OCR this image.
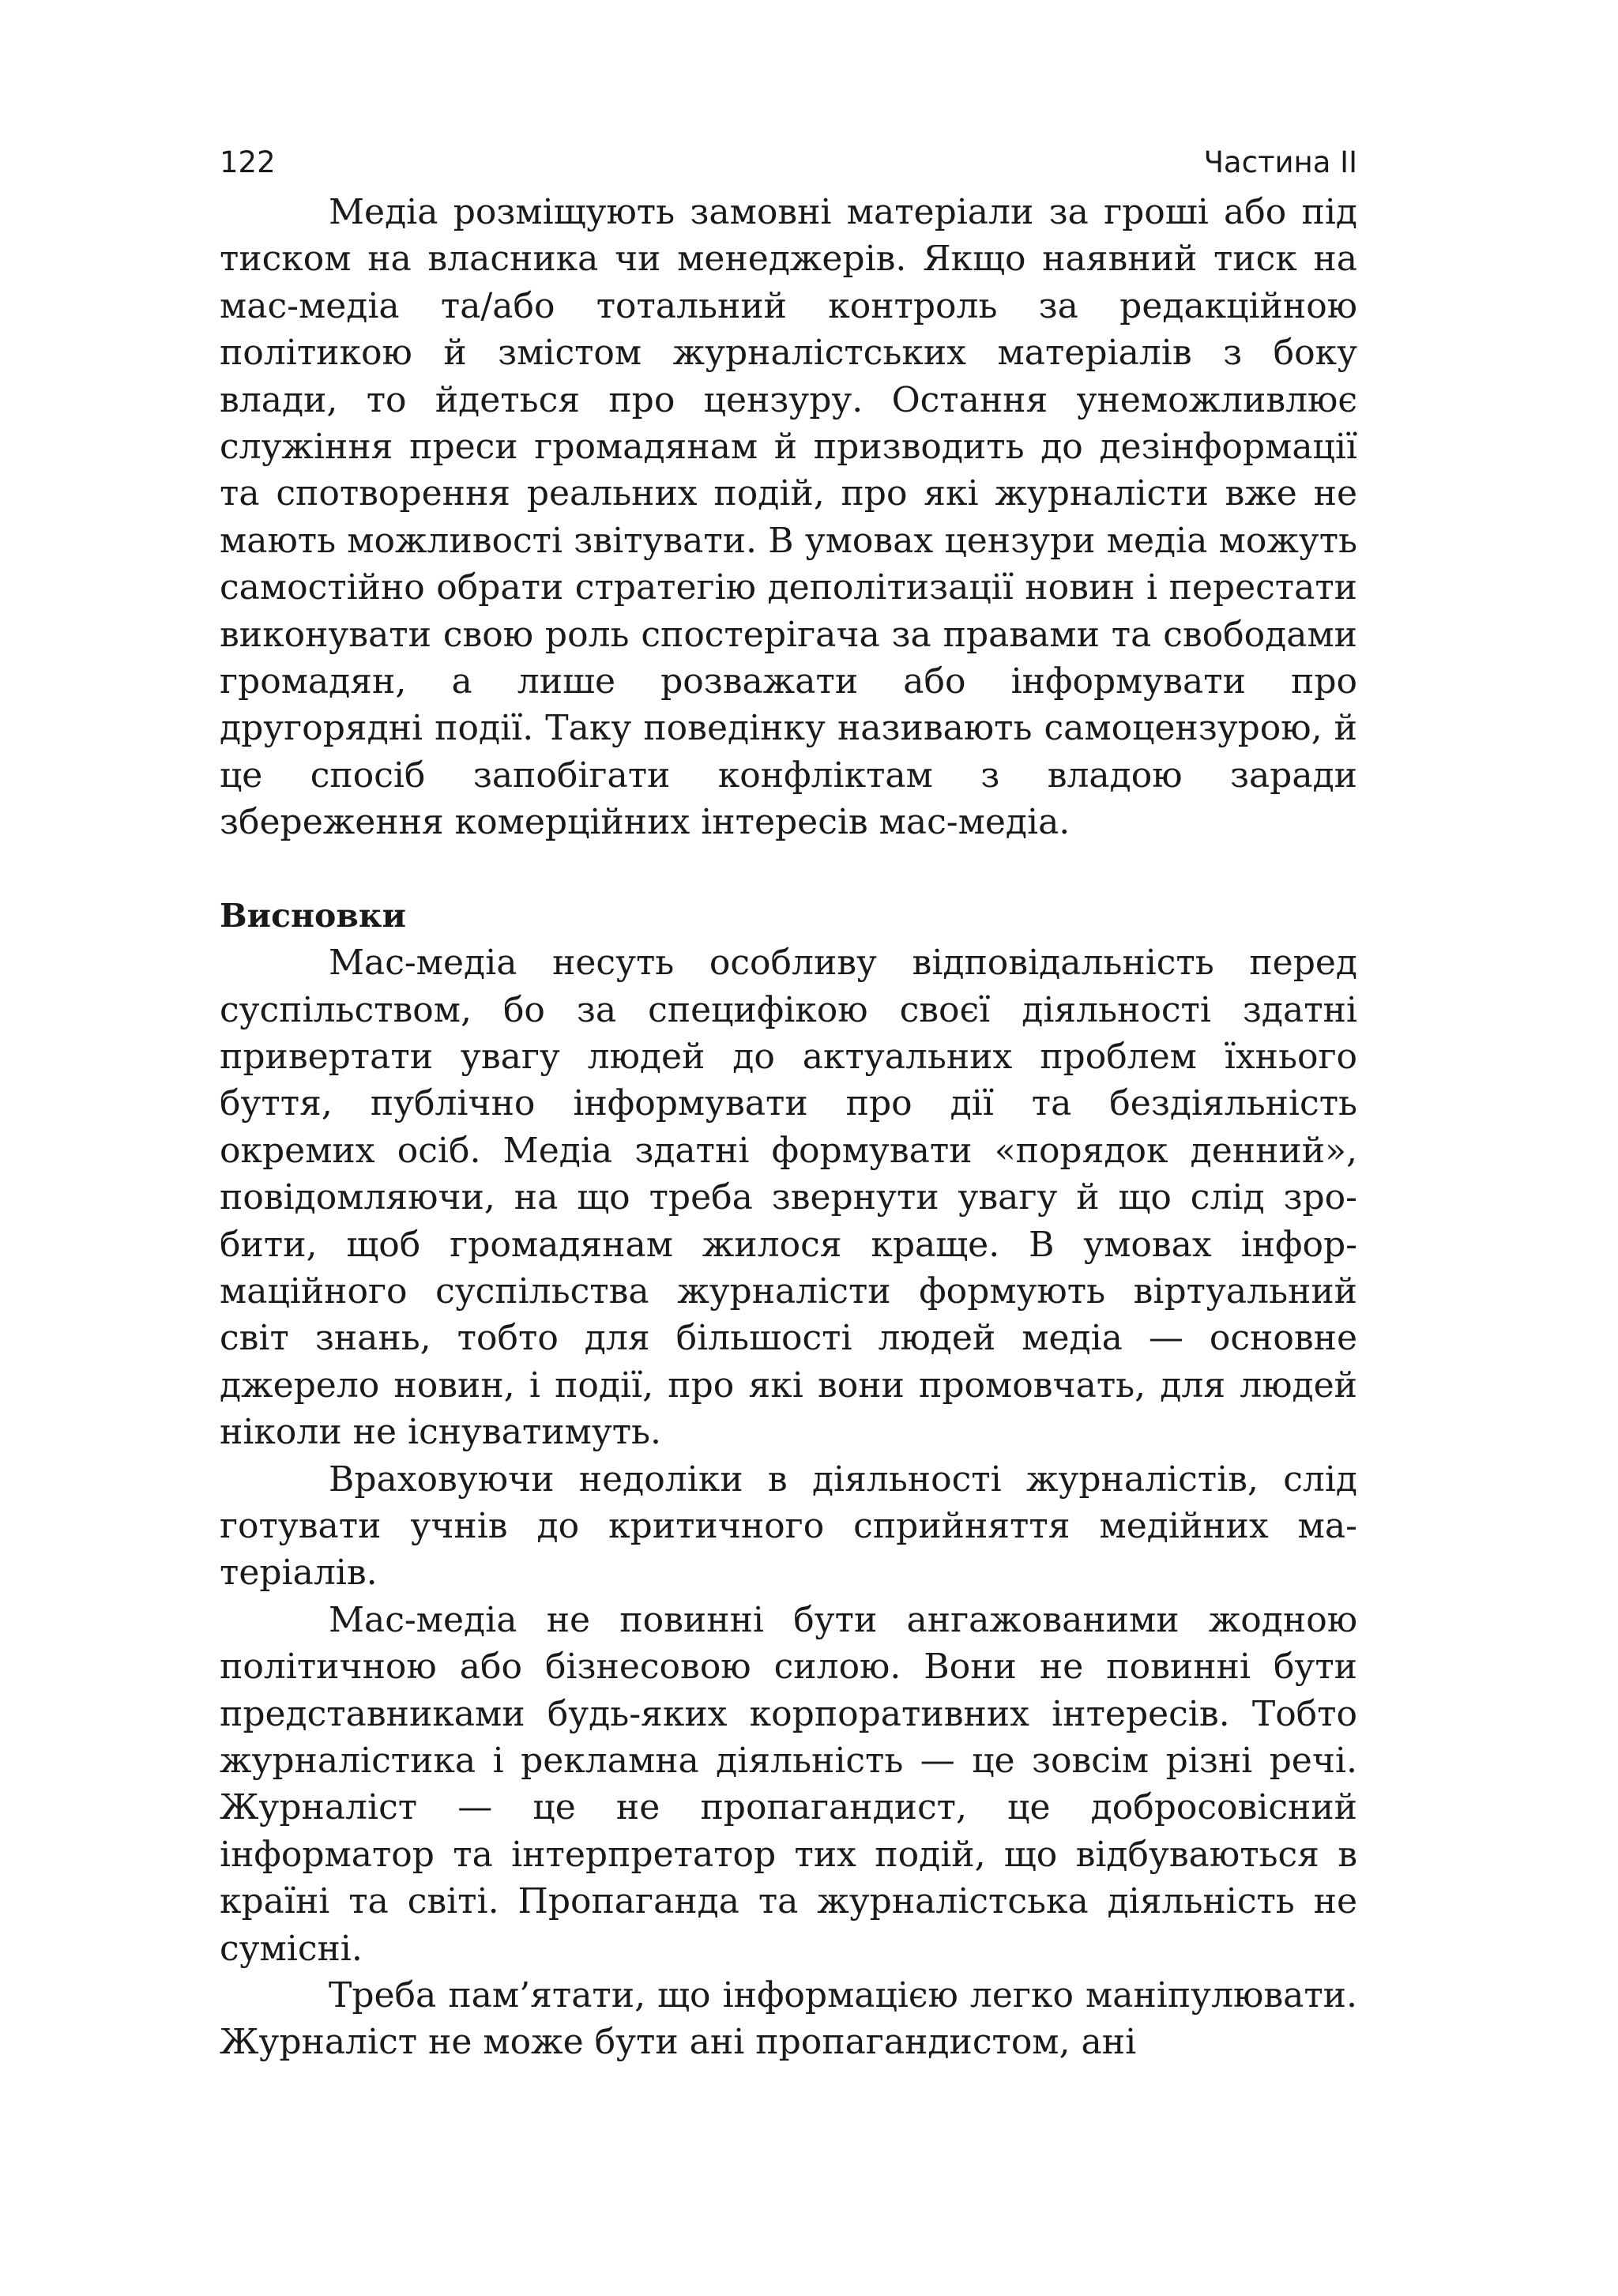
122	Частина II

Медіа розміщують замовні матеріали за гроші або під тиском на власника чи менеджерів. Якщо наявний тиск на мас-медіа та/або тотальний контроль за редакційною політикою й змістом журналістських матеріалів з боку влади, то йдеться про цензуру. Остання унеможливлює служіння преси громадянам й призводить до дезінформації та спотворення реальних подій, про які журналісти вже не мають можливості звітувати. В умовах цензури медіа можуть самостійно обрати стратегію деполітизації новин і перестати виконувати свою роль спостерігача за правами та свободами громадян, а лише розважати або інформувати про другорядні події. Таку поведінку називають самоцензурою, й це спосіб запобігати конфліктам з владою заради збереження комерційних інтересів мас-медіа.

Висновки

Мас-медіа несуть особливу відповідальність перед суспільством, бо за специфікою своєї діяльності здатні привертати увагу людей до актуальних проблем їхнього буття, публічно інформувати про дії та бездіяльність окремих осіб. Медіа здатні формувати «порядок денний», повідомляючи, на що треба звернути увагу й що слід зробити, щоб громадянам жилося краще. В умовах інформаційного суспільства журналісти формують віртуальний світ знань, тобто для більшості людей медіа — основне джерело новин, і події, про які вони промовчать, для людей ніколи не існуватимуть.

Враховуючи недоліки в діяльності журналістів, слід готувати учнів до критичного сприйняття медійних матеріалів.

Мас-медіа не повинні бути ангажованими жодною політичною або бізнесовою силою. Вони не повинні бути представниками будь-яких корпоративних інтересів. Тобто журналістика і рекламна діяльність — це зовсім різні речі. Журналіст — це не пропагандист, це добросовісний інформатор та інтерпретатор тих подій, що відбуваються в країні та світі. Пропаганда та журналістська діяльність не сумісні.

Треба пам’ятати, що інформацією легко маніпулювати. Журналіст не може бути ані пропагандистом, ані
